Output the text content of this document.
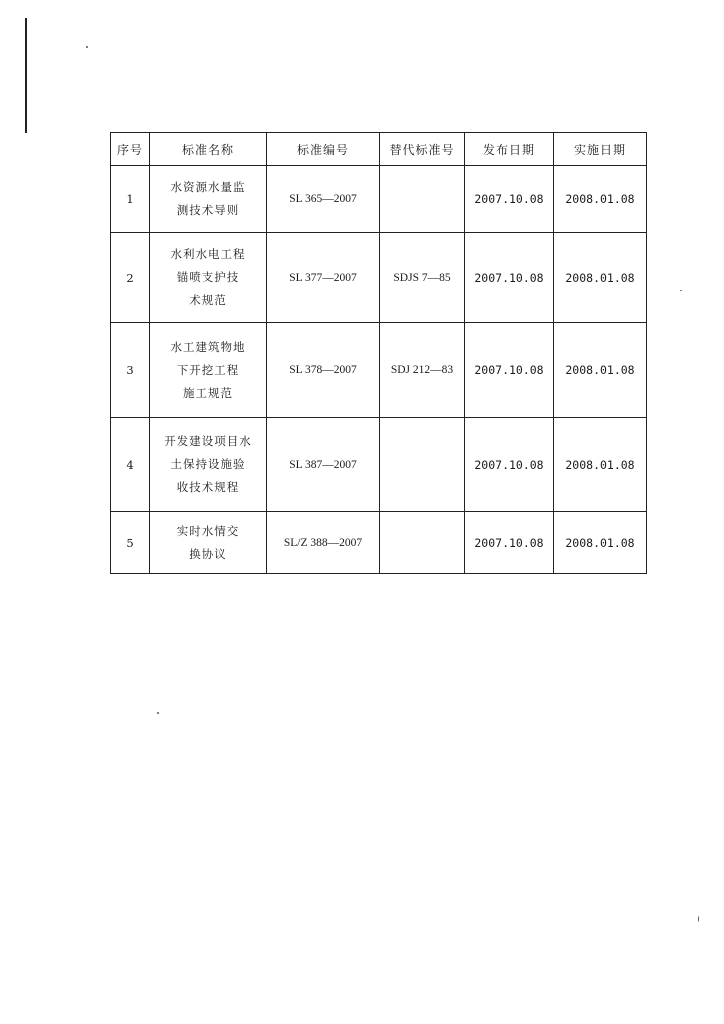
序号	标准名称	标准编号	替代标准号	发布日期	实施日期
1	水资源水量监
测技术导则	SL 365—2007		2007.10.08	2008.01.08
2	水利水电工程
锚喷支护技
术规范	SL 377—2007	SDJS 7—85	2007.10.08	2008.01.08
3	水工建筑物地
下开挖工程
施工规范	SL 378—2007	SDJ 212—83	2007.10.08	2008.01.08
4	开发建设项目水
土保持设施验
收技术规程	SL 387—2007		2007.10.08	2008.01.08
5	实时水情交
换协议	SL/Z 388—2007		2007.10.08	2008.01.08
